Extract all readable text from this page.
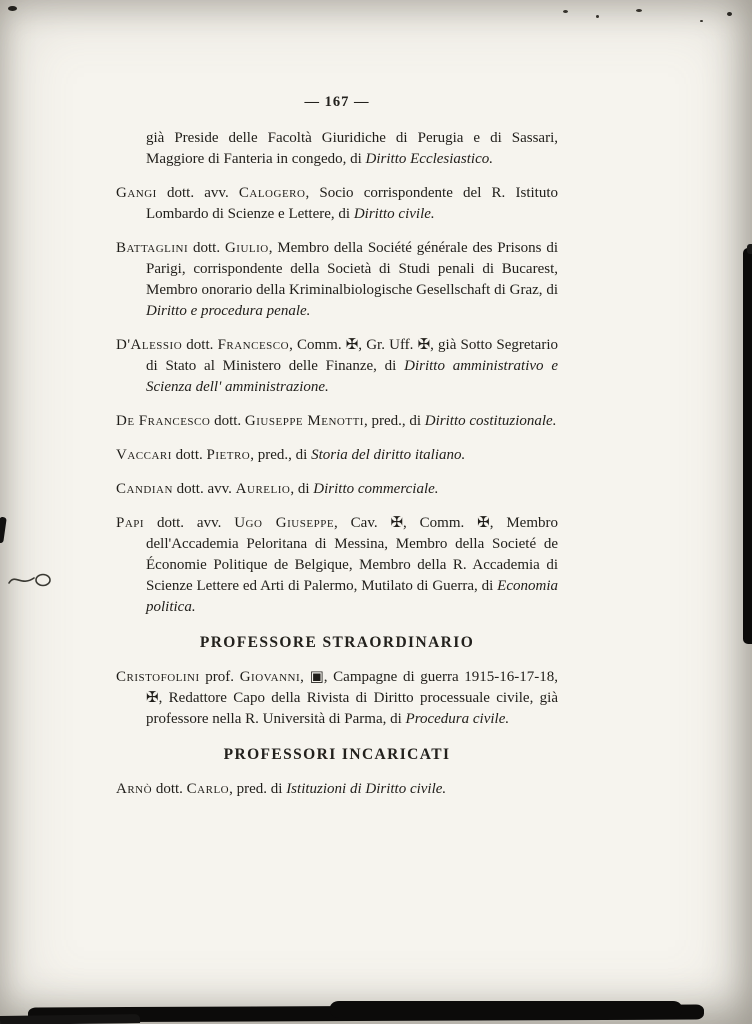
— 167 —

già Preside delle Facoltà Giuridiche di Perugia e di Sassari, Maggiore di Fanteria in congedo, di Diritto Ecclesiastico.

Gangi dott. avv. Calogero, Socio corrispondente del R. Istituto Lombardo di Scienze e Lettere, di Diritto civile.

Battaglini dott. Giulio, Membro della Société générale des Prisons di Parigi, corrispondente della Società di Studi penali di Bucarest, Membro onorario della Kriminalbiologische Gesellschaft di Graz, di Diritto e procedura penale.

D'Alessio dott. Francesco, Comm. ✠, Gr. Uff. ✠, già Sotto Segretario di Stato al Ministero delle Finanze, di Diritto amministrativo e Scienza dell' amministrazione.

De Francesco dott. Giuseppe Menotti, pred., di Diritto costituzionale.

Vaccari dott. Pietro, pred., di Storia del diritto italiano.

Candian dott. avv. Aurelio, di Diritto commerciale.

Papi dott. avv. Ugo Giuseppe, Cav. ✠, Comm. ✠, Membro dell'Accademia Peloritana di Messina, Membro della Societé de Économie Politique de Belgique, Membro della R. Accademia di Scienze Lettere ed Arti di Palermo, Mutilato di Guerra, di Economia politica.

PROFESSORE STRAORDINARIO

Cristofolini prof. Giovanni, ▣, Campagne di guerra 1915-16-17-18, ✠, Redattore Capo della Rivista di Diritto processuale civile, già professore nella R. Università di Parma, di Procedura civile.

PROFESSORI INCARICATI

Arnò dott. Carlo, pred. di Istituzioni di Diritto civile.
